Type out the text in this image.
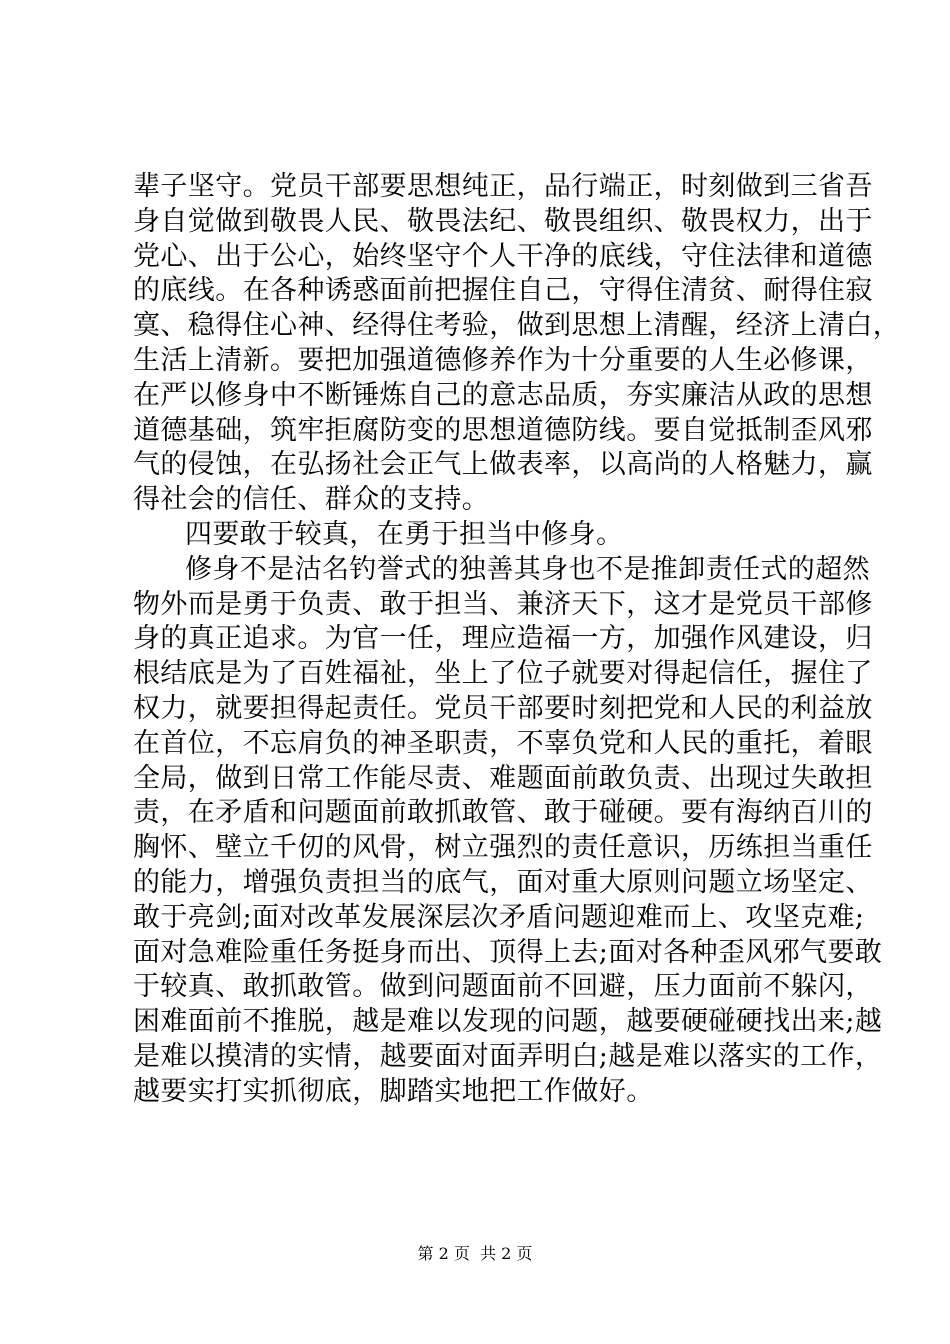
辈子坚守。党员干部要思想纯正，品行端正，时刻做到三省吾
身自觉做到敬畏人民、敬畏法纪、敬畏组织、敬畏权力，出于
党心、出于公心，始终坚守个人干净的底线，守住法律和道德
的底线。在各种诱惑面前把握住自己，守得住清贫、耐得住寂
寞、稳得住心神、经得住考验，做到思想上清醒，经济上清白，
生活上清新。要把加强道德修养作为十分重要的人生必修课，
在严以修身中不断锤炼自己的意志品质，夯实廉洁从政的思想
道德基础，筑牢拒腐防变的思想道德防线。要自觉抵制歪风邪
气的侵蚀，在弘扬社会正气上做表率，以高尚的人格魅力，赢
得社会的信任、群众的支持。
四要敢于较真，在勇于担当中修身。
修身不是沽名钓誉式的独善其身也不是推卸责任式的超然
物外而是勇于负责、敢于担当、兼济天下，这才是党员干部修
身的真正追求。为官一任，理应造福一方，加强作风建设，归
根结底是为了百姓福祉，坐上了位子就要对得起信任，握住了
权力，就要担得起责任。党员干部要时刻把党和人民的利益放
在首位，不忘肩负的神圣职责，不辜负党和人民的重托，着眼
全局，做到日常工作能尽责、难题面前敢负责、出现过失敢担
责，在矛盾和问题面前敢抓敢管、敢于碰硬。要有海纳百川的
胸怀、壁立千仞的风骨，树立强烈的责任意识，历练担当重任
的能力，增强负责担当的底气，面对重大原则问题立场坚定、
敢于亮剑;面对改革发展深层次矛盾问题迎难而上、攻坚克难;
面对急难险重任务挺身而出、顶得上去;面对各种歪风邪气要敢
于较真、敢抓敢管。做到问题面前不回避，压力面前不躲闪，
困难面前不推脱，越是难以发现的问题，越要硬碰硬找出来;越
是难以摸清的实情，越要面对面弄明白;越是难以落实的工作，
越要实打实抓彻底，脚踏实地把工作做好。
第 2 页  共 2 页
